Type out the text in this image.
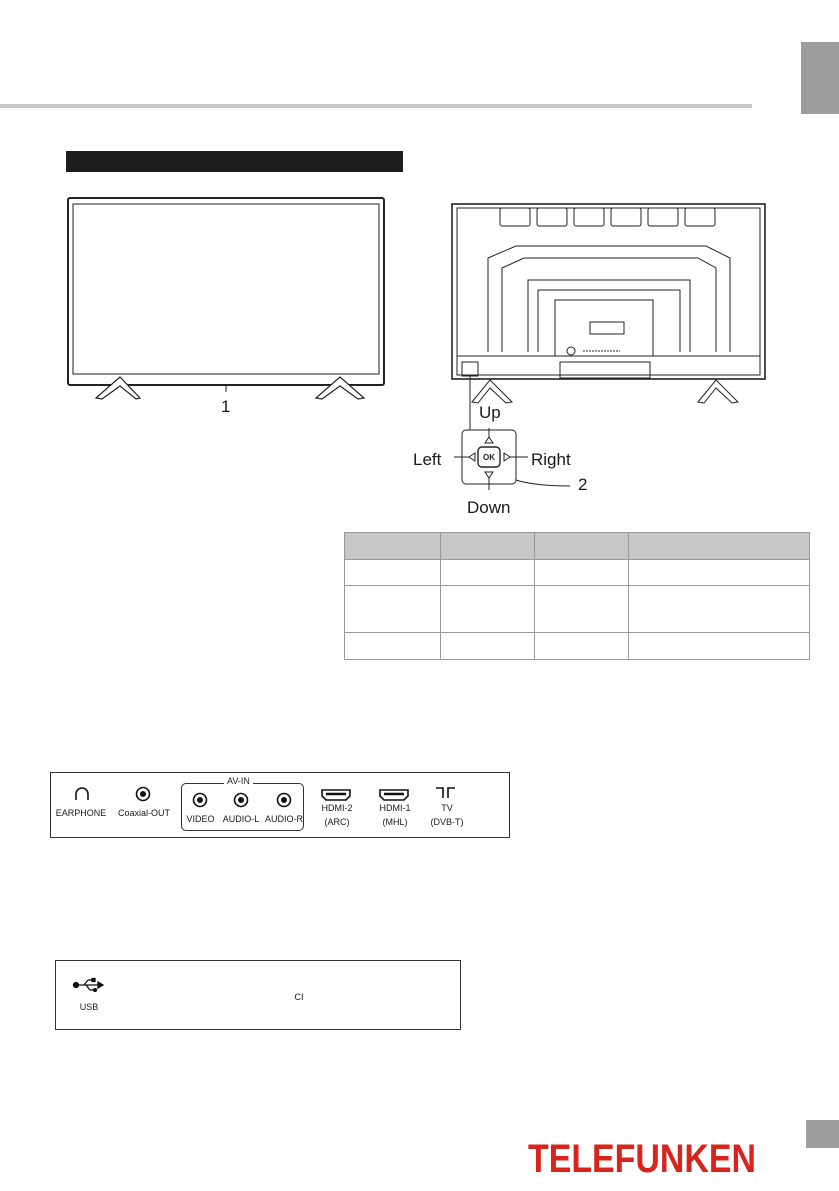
1	Up
Left	Right
Down
2
OK

AV-IN
EARPHONE	Coaxial-OUT
VIDEO AUDIO-L AUDIO-R
HDMI-2
(ARC)
HDMI-1
(MHL)
TV
(DVB-T)
USB
CI
TELEFUNKEN
